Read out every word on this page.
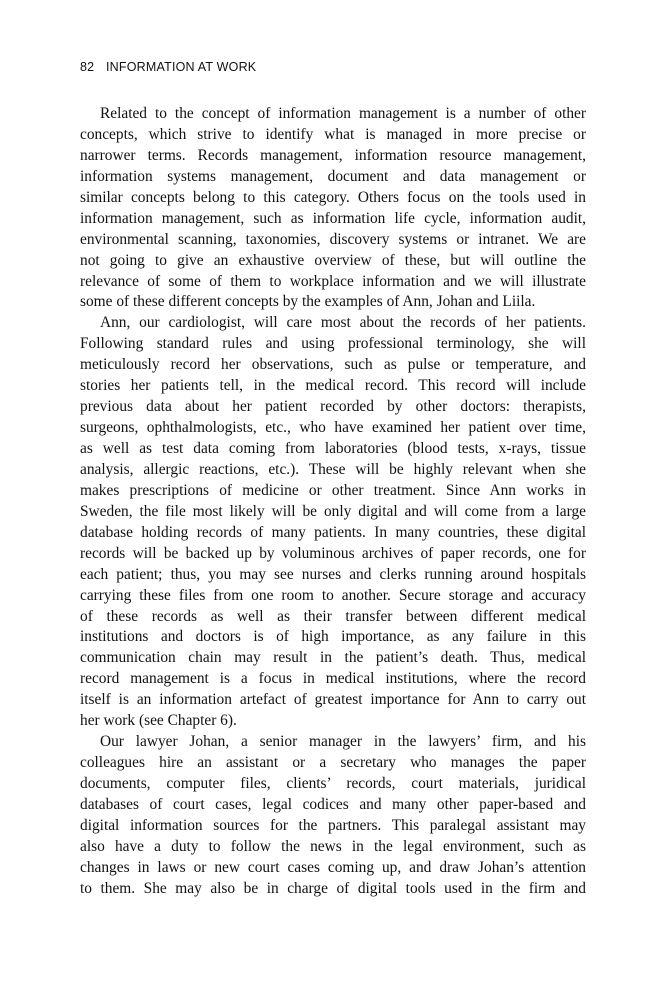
82 INFORMATION AT WORK

Related to the concept of information management is a number of other
concepts, which strive to identify what is managed in more precise or
narrower terms. Records management, information resource management,
information systems management, document and data management or
similar concepts belong to this category. Others focus on the tools used in
information management, such as information life cycle, information audit,
environmental scanning, taxonomies, discovery systems or intranet. We are
not going to give an exhaustive overview of these, but will outline the
relevance of some of them to workplace information and we will illustrate
some of these different concepts by the examples of Ann, Johan and Liila.

Ann, our cardiologist, will care most about the records of her patients.
Following standard rules and using professional terminology, she will
meticulously record her observations, such as pulse or temperature, and
stories her patients tell, in the medical record. This record will include
previous data about her patient recorded by other doctors: therapists,
surgeons, ophthalmologists, etc., who have examined her patient over time,
as well as test data coming from laboratories (blood tests, x-rays, tissue
analysis, allergic reactions, etc.). These will be highly relevant when she
makes prescriptions of medicine or other treatment. Since Ann works in
Sweden, the file most likely will be only digital and will come from a large
database holding records of many patients. In many countries, these digital
records will be backed up by voluminous archives of paper records, one for
each patient; thus, you may see nurses and clerks running around hospitals
carrying these files from one room to another. Secure storage and accuracy
of these records as well as their transfer between different medical
institutions and doctors is of high importance, as any failure in this
communication chain may result in the patient’s death. Thus, medical
record management is a focus in medical institutions, where the record
itself is an information artefact of greatest importance for Ann to carry out
her work (see Chapter 6).

Our lawyer Johan, a senior manager in the lawyers’ firm, and his
colleagues hire an assistant or a secretary who manages the paper
documents, computer files, clients’ records, court materials, juridical
databases of court cases, legal codices and many other paper-based and
digital information sources for the partners. This paralegal assistant may
also have a duty to follow the news in the legal environment, such as
changes in laws or new court cases coming up, and draw Johan’s attention
to them. She may also be in charge of digital tools used in the firm and
